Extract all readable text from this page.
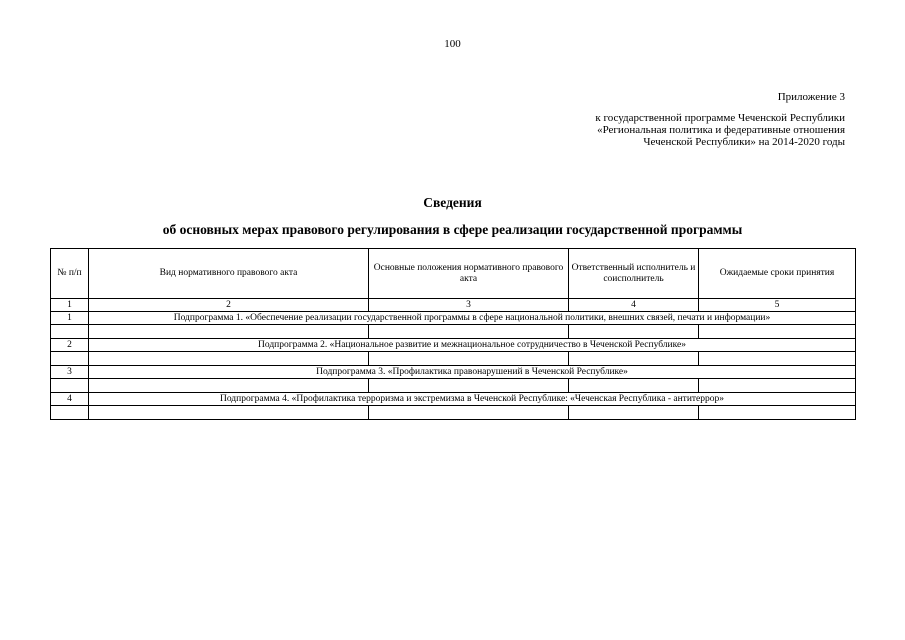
100
Приложение 3
к государственной программе Чеченской Республики
«Региональная политика и федеративные отношения
Чеченской Республики» на 2014-2020 годы
Сведения
об основных мерах правового регулирования в сфере реализации государственной программы
№ п/п	Вид нормативного правового акта	Основные положения нормативного правового акта	Ответственный исполнитель и соисполнитель	Ожидаемые сроки принятия
1	2	3	4	5
1	Подпрограмма 1. «Обеспечение реализации государственной программы в сфере национальной политики, внешних связей, печати и информации»			

2	Подпрограмма 2. «Национальное развитие и межнациональное сотрудничество в Чеченской Республике»			

3	Подпрограмма 3. «Профилактика правонарушений в Чеченской Республике»			

4	Подпрограмма 4. «Профилактика терроризма и экстремизма в Чеченской Республике: «Чеченская Республика - антитеррор»			
